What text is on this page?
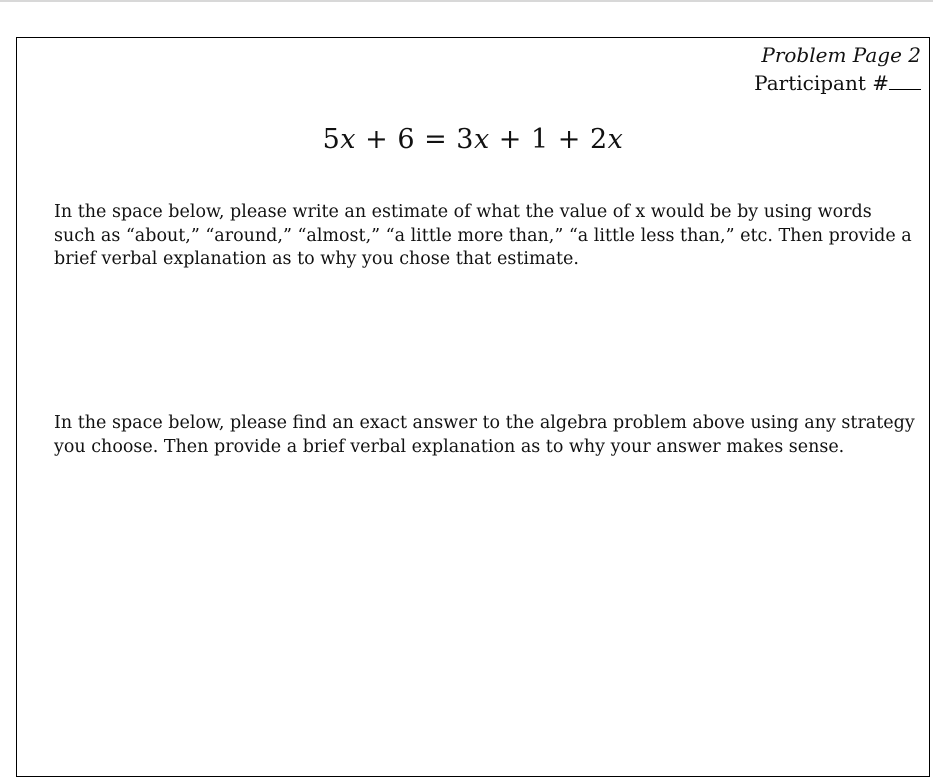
Problem Page 2
Participant #
5𝑥 + 6 = 3𝑥 + 1 + 2𝑥
In the space below, please write an estimate of what the value of x would be by using words such as “about,” “around,” “almost,” “a little more than,” “a little less than,” etc. Then provide a brief verbal explanation as to why you chose that estimate.
In the space below, please find an exact answer to the algebra problem above using any strategy you choose. Then provide a brief verbal explanation as to why your answer makes sense.
